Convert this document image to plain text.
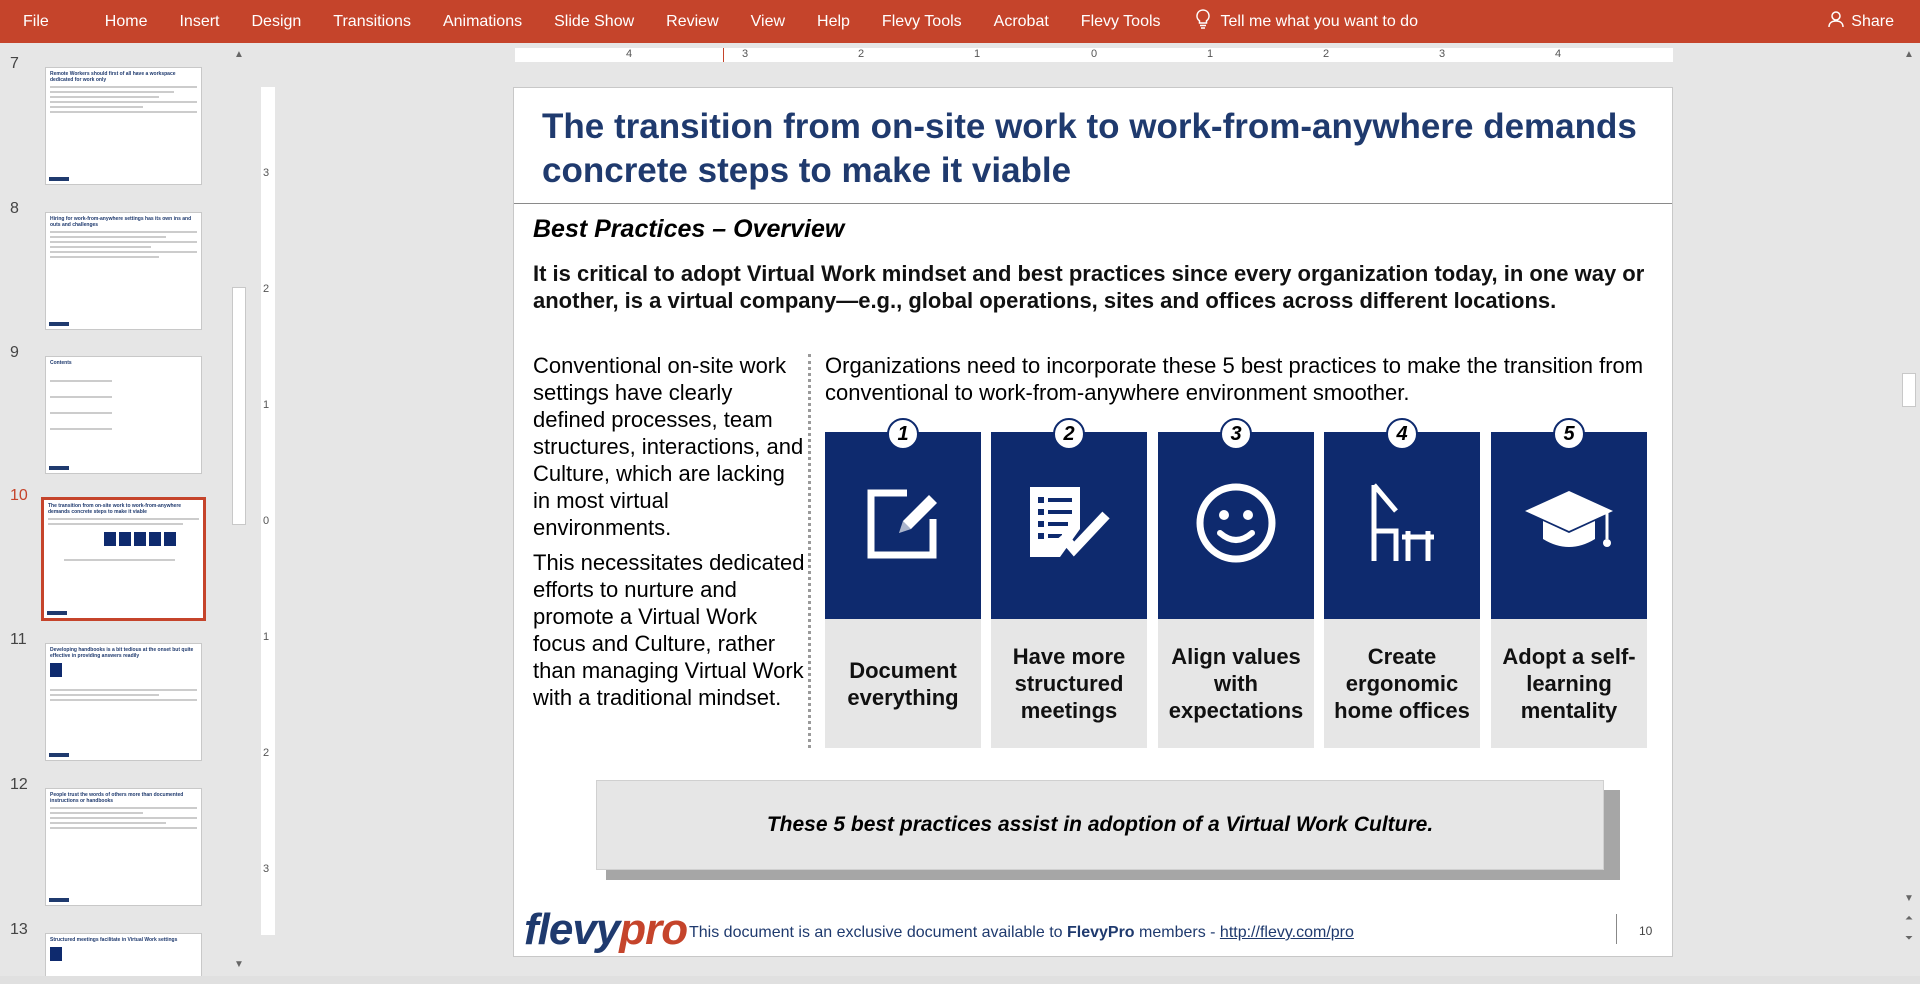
File	Home	Insert	Design	Transitions	Animations	Slide Show	Review	View	Help	Flevy Tools	Acrobat	Flevy Tools	Tell me what you want to do	Share
7
Remote Workers should first of all have a workspace dedicated for work only
8
Hiring for work-from-anywhere settings has its own ins and outs and challenges
9
Contents
10
The transition from on-site work to work-from-anywhere demands concrete steps to make it viable
11
Developing handbooks is a bit tedious at the onset but quite effective in providing answers readily
12
People trust the words of others more than documented instructions or handbooks
13
Structured meetings facilitate in Virtual Work settings
▲
▼
4	3	2	1	0	1	2	3	4
3
2
1
0
1
2
3
▲
▼
⏶
⏷
The transition from on-site work to work-from-anywhere demands concrete steps to make it viable
Best Practices – Overview
It is critical to adopt Virtual Work mindset and best practices since every organization today, in one way or another, is a virtual company—e.g., global operations, sites and offices across different locations.

Conventional on-site work settings have clearly defined processes, team structures, interactions, and Culture, which are lacking in most virtual environments.

This necessitates dedicated efforts to nurture and promote a Virtual Work focus and Culture, rather than managing Virtual Work with a traditional mindset.

Organizations need to incorporate these 5 best practices to make the transition from conventional to work-from-anywhere environment smoother.
Document everything
1
Have more structured meetings
2
Align values with expectations
3
Create ergonomic home offices
4
Adopt a self-learning mentality
5
These 5 best practices assist in adoption of a Virtual Work Culture.
flevypro This document is an exclusive document available to FlevyPro members - http://flevy.com/pro	10
